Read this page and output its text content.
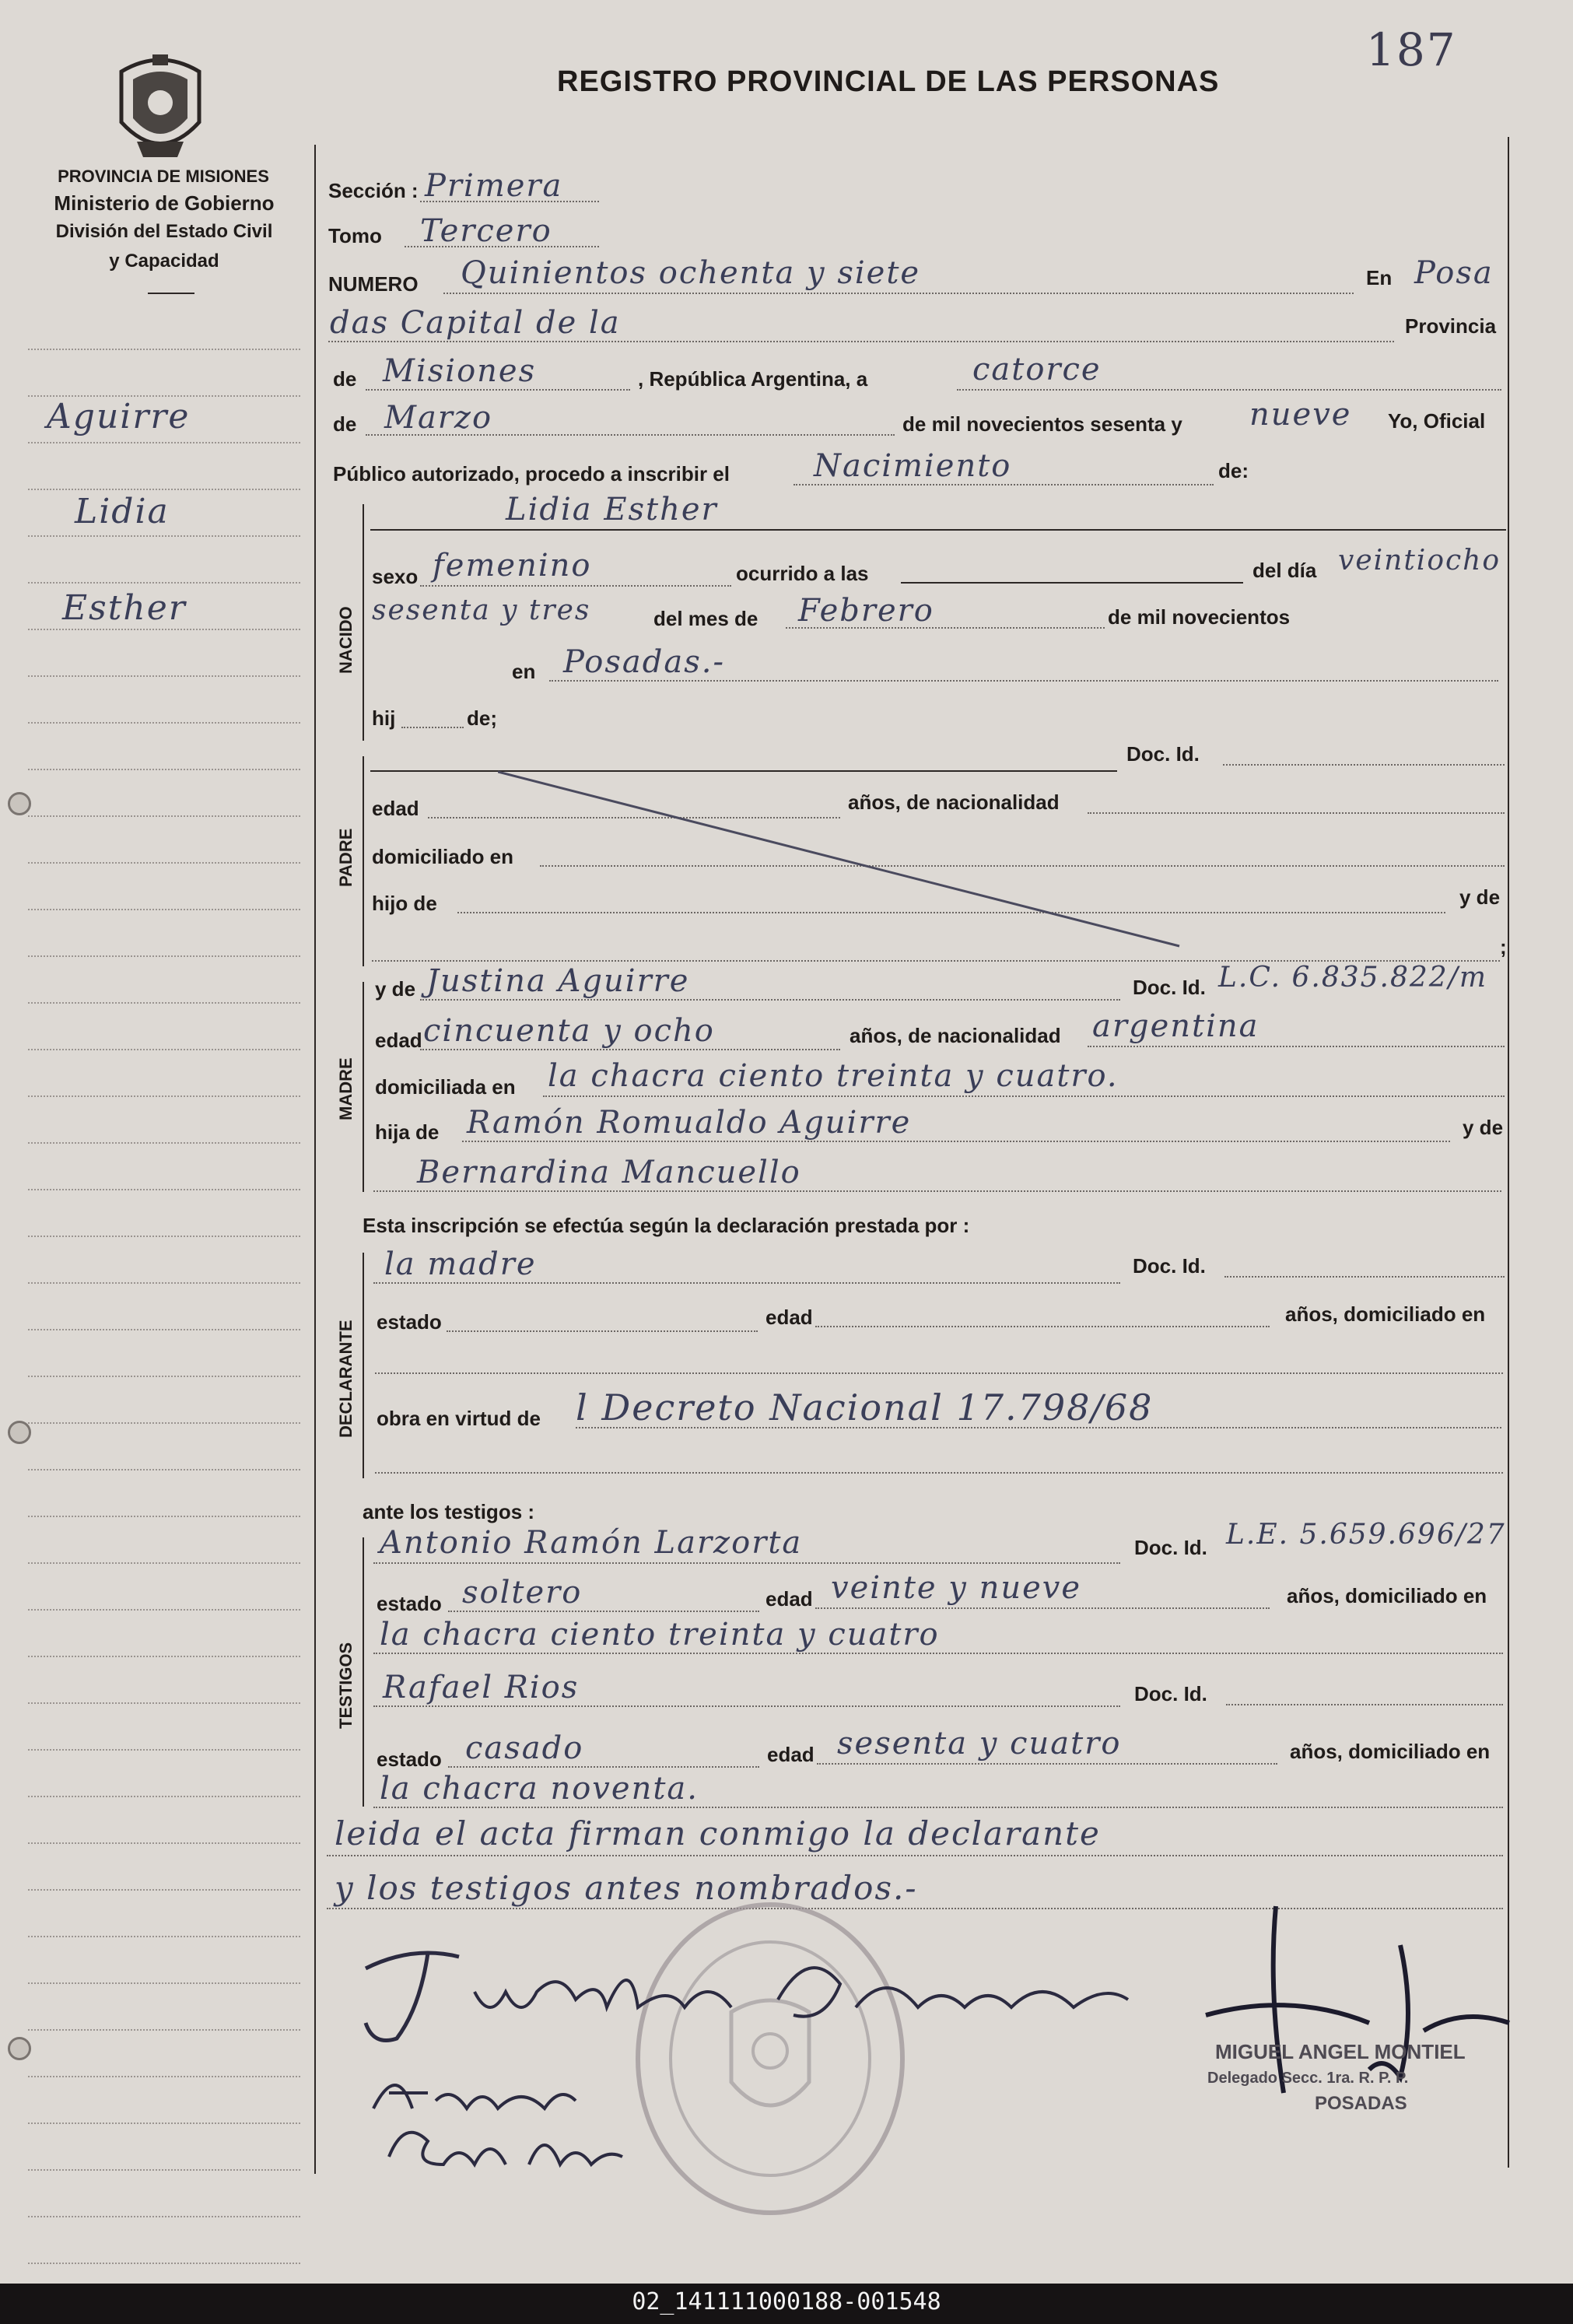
PROVINCIA DE MISIONES
Ministerio de Gobierno
División del Estado Civil
y Capacidad
Aguirre
Lidia
Esther
REGISTRO PROVINCIAL DE LAS PERSONAS
187
Sección : Primera
Tomo Tercero
NUMERO Quinientos ochenta y siete	En Posa
das Capital de la	Provincia
de Misiones	, República Argentina, a	catorce
de Marzo	de mil novecientos sesenta y nueve Yo, Oficial
Público autorizado, procedo a inscribir el	Nacimiento	de:
NACIDO
Lidia Esther
sexo femenino	ocurrido a las	del día veintiocho
del mes de Febrero	de mil novecientos
sesenta y tres
en Posadas.-
hij	de;
PADRE
Doc. Id.
edad	años, de nacionalidad
domiciliado en
hijo de	y de
;
MADRE
y de Justina Aguirre	Doc. Id. L.C. 6.835.822/m
edad cincuenta y ocho	años, de nacionalidad argentina
domiciliada en la chacra ciento treinta y cuatro.
hija de Ramón Romualdo Aguirre	y de
Bernardina Mancuello
Esta inscripción se efectúa según la declaración prestada por :
DECLARANTE
la madre	Doc. Id.
estado	edad	años, domiciliado en
obra en virtud de l Decreto Nacional 17.798/68
ante los testigos :
TESTIGOS
Antonio Ramón Larzorta	Doc. Id. L.E. 5.659.696/27
estado soltero	edad veinte y nueve	años, domiciliado en
la chacra ciento treinta y cuatro
Rafael Rios	Doc. Id.
estado casado	edad sesenta y cuatro	años, domiciliado en
la chacra noventa.
leida el acta firman conmigo la declarante
y los testigos antes nombrados.-
MIGUEL ANGEL MONTIEL
Delegado Secc. 1ra. R. P. P.
POSADAS
02_141111000188-001548
